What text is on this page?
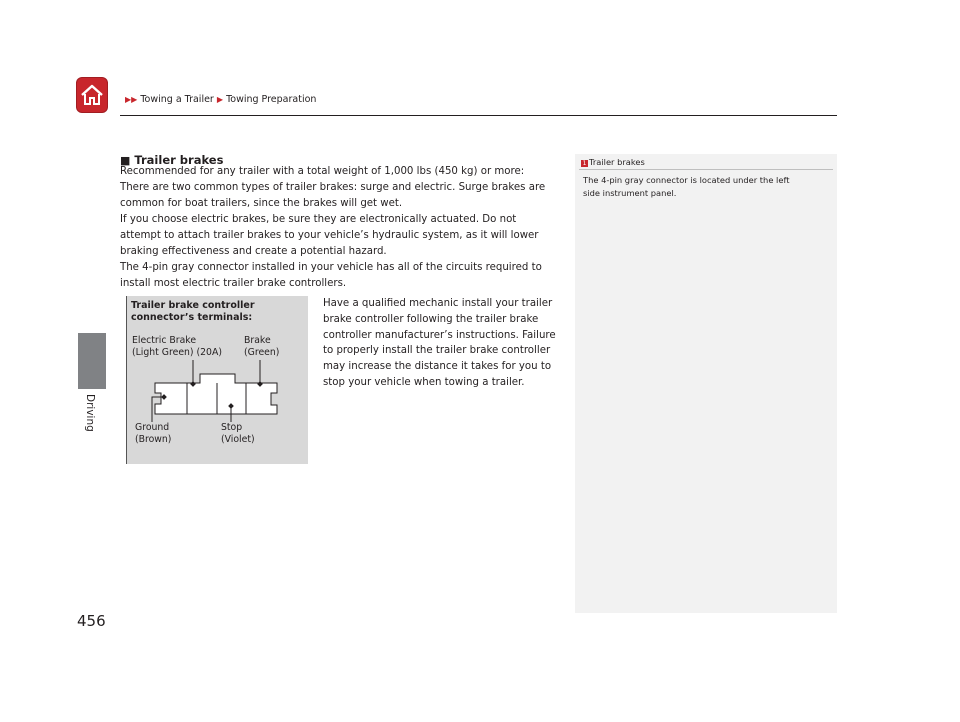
▶▶ Towing a Trailer ▶ Towing Preparation
Driving
456
■ Trailer brakes
Recommended for any trailer with a total weight of 1,000 lbs (450 kg) or more:
There are two common types of trailer brakes: surge and electric. Surge brakes are
common for boat trailers, since the brakes will get wet.
If you choose electric brakes, be sure they are electronically actuated. Do not
attempt to attach trailer brakes to your vehicle’s hydraulic system, as it will lower
braking effectiveness and create a potential hazard.
The 4-pin gray connector installed in your vehicle has all of the circuits required to
install most electric trailer brake controllers.
Trailer brake controller
connector’s terminals:
Electric Brake
(Light Green) (20A)
Brake
(Green)
Ground
(Brown)
Stop
(Violet)
Have a qualified mechanic install your trailer
brake controller following the trailer brake
controller manufacturer’s instructions. Failure
to properly install the trailer brake controller
may increase the distance it takes for you to
stop your vehicle when towing a trailer.
1 Trailer brakes
The 4-pin gray connector is located under the left
side instrument panel.
